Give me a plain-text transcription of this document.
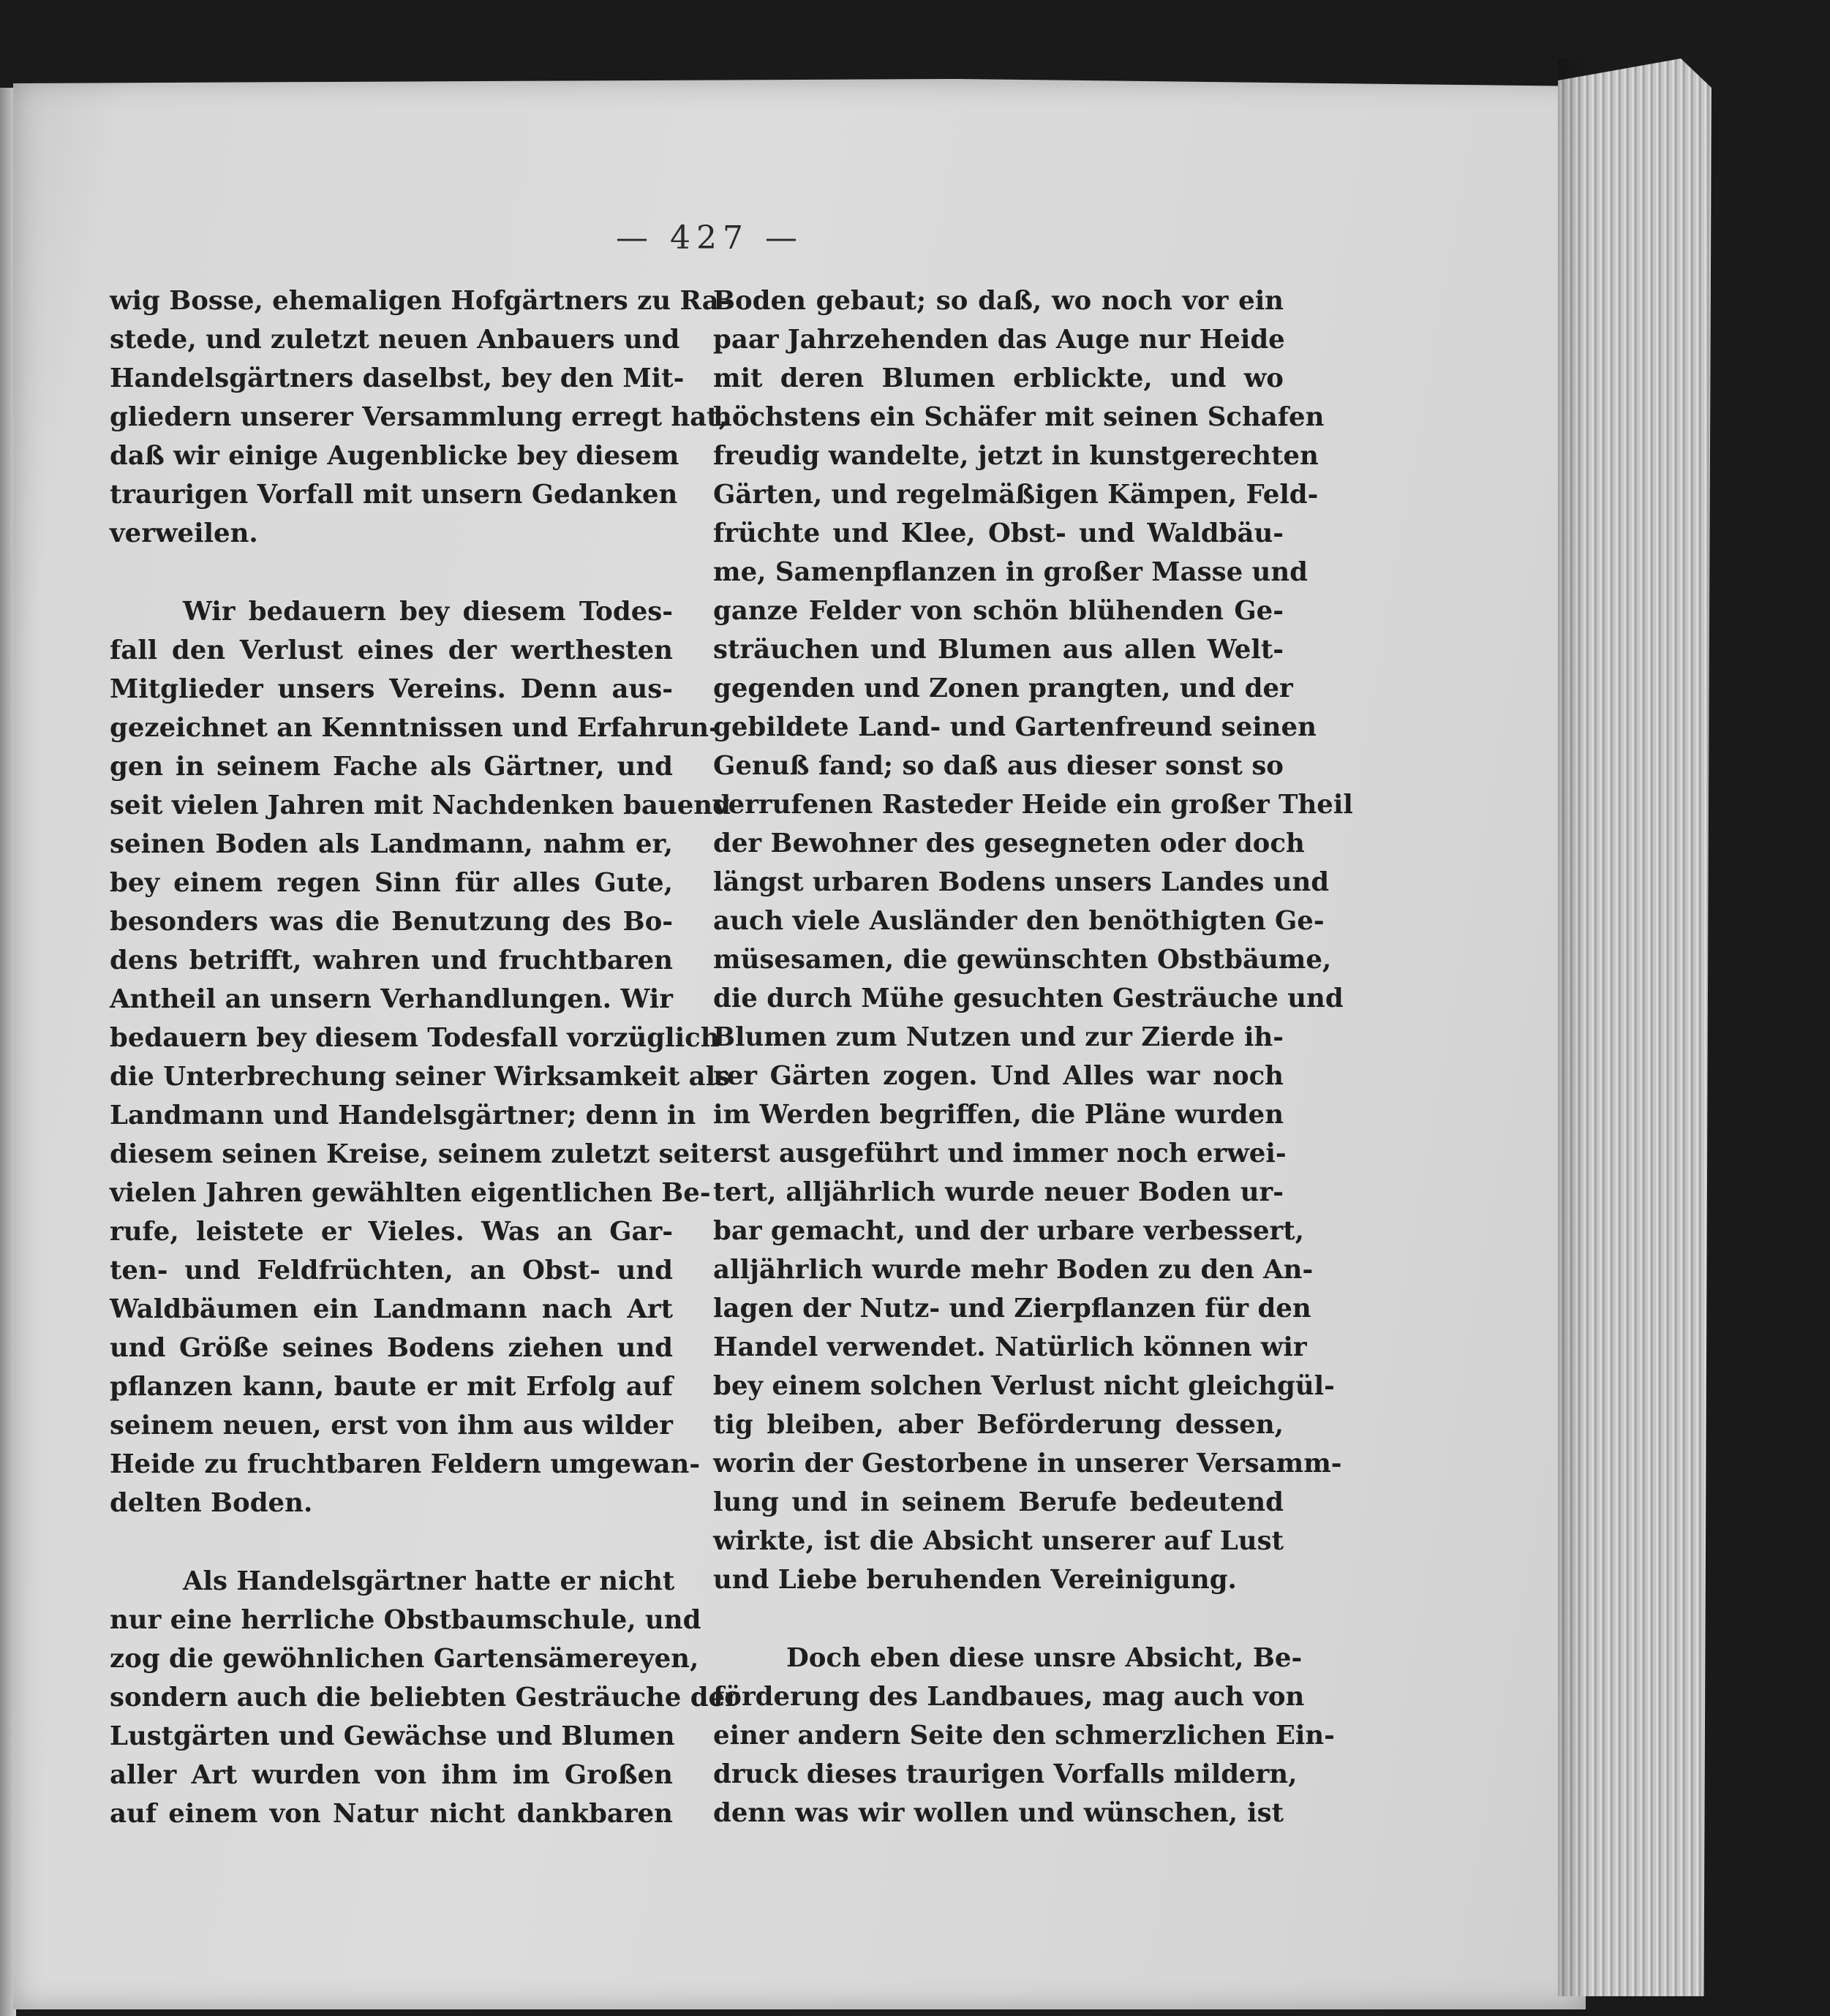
— 427 —
wig Bosse, ehemaligen Hofgärtners zu Ra-
stede, und zuletzt neuen Anbauers und
Handelsgärtners daselbst, bey den Mit-
gliedern unserer Versammlung erregt hat,
daß wir einige Augenblicke bey diesem
traurigen Vorfall mit unsern Gedanken
verweilen.
Wir bedauern bey diesem Todes-
fall den Verlust eines der werthesten
Mitglieder unsers Vereins. Denn aus-
gezeichnet an Kenntnissen und Erfahrun-
gen in seinem Fache als Gärtner, und
seit vielen Jahren mit Nachdenken bauend
seinen Boden als Landmann, nahm er,
bey einem regen Sinn für alles Gute,
besonders was die Benutzung des Bo-
dens betrifft, wahren und fruchtbaren
Antheil an unsern Verhandlungen. Wir
bedauern bey diesem Todesfall vorzüglich
die Unterbrechung seiner Wirksamkeit als
Landmann und Handelsgärtner; denn in
diesem seinen Kreise, seinem zuletzt seit
vielen Jahren gewählten eigentlichen Be-
rufe, leistete er Vieles. Was an Gar-
ten- und Feldfrüchten, an Obst- und
Waldbäumen ein Landmann nach Art
und Größe seines Bodens ziehen und
pflanzen kann, baute er mit Erfolg auf
seinem neuen, erst von ihm aus wilder
Heide zu fruchtbaren Feldern umgewan-
delten Boden.
Als Handelsgärtner hatte er nicht
nur eine herrliche Obstbaumschule, und
zog die gewöhnlichen Gartensämereyen,
sondern auch die beliebten Gesträuche der
Lustgärten und Gewächse und Blumen
aller Art wurden von ihm im Großen
auf einem von Natur nicht dankbaren
Boden gebaut; so daß, wo noch vor ein
paar Jahrzehenden das Auge nur Heide
mit deren Blumen erblickte, und wo
höchstens ein Schäfer mit seinen Schafen
freudig wandelte, jetzt in kunstgerechten
Gärten, und regelmäßigen Kämpen, Feld-
früchte und Klee, Obst- und Waldbäu-
me, Samenpflanzen in großer Masse und
ganze Felder von schön blühenden Ge-
sträuchen und Blumen aus allen Welt-
gegenden und Zonen prangten, und der
gebildete Land- und Gartenfreund seinen
Genuß fand; so daß aus dieser sonst so
verrufenen Rasteder Heide ein großer Theil
der Bewohner des gesegneten oder doch
längst urbaren Bodens unsers Landes und
auch viele Ausländer den benöthigten Ge-
müsesamen, die gewünschten Obstbäume,
die durch Mühe gesuchten Gesträuche und
Blumen zum Nutzen und zur Zierde ih-
rer Gärten zogen. Und Alles war noch
im Werden begriffen, die Pläne wurden
erst ausgeführt und immer noch erwei-
tert, alljährlich wurde neuer Boden ur-
bar gemacht, und der urbare verbessert,
alljährlich wurde mehr Boden zu den An-
lagen der Nutz- und Zierpflanzen für den
Handel verwendet. Natürlich können wir
bey einem solchen Verlust nicht gleichgül-
tig bleiben, aber Beförderung dessen,
worin der Gestorbene in unserer Versamm-
lung und in seinem Berufe bedeutend
wirkte, ist die Absicht unserer auf Lust
und Liebe beruhenden Vereinigung.
Doch eben diese unsre Absicht, Be-
förderung des Landbaues, mag auch von
einer andern Seite den schmerzlichen Ein-
druck dieses traurigen Vorfalls mildern,
denn was wir wollen und wünschen, ist
